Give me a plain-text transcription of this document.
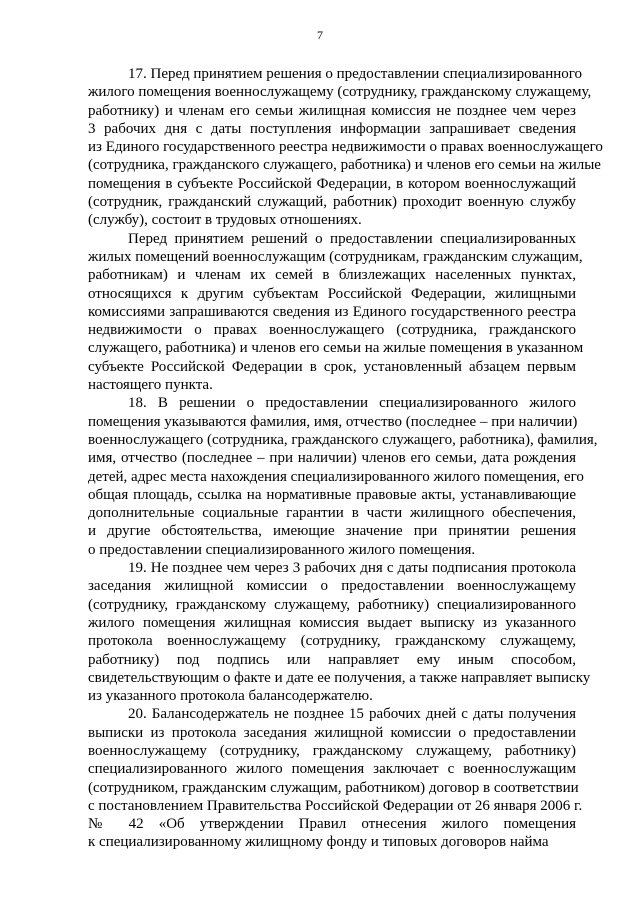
7
17. Перед принятием решения о предоставлении специализированного
жилого помещения военнослужащему (сотруднику, гражданскому служащему,
работнику) и членам его семьи жилищная комиссия не позднее чем через
3 рабочих дня с даты поступления информации запрашивает сведения
из Единого государственного реестра недвижимости о правах военнослужащего
(сотрудника, гражданского служащего, работника) и членов его семьи на жилые
помещения в субъекте Российской Федерации, в котором военнослужащий
(сотрудник, гражданский служащий, работник) проходит военную службу
(службу), состоит в трудовых отношениях.
Перед принятием решений о предоставлении специализированных
жилых помещений военнослужащим (сотрудникам, гражданским служащим,
работникам) и членам их семей в близлежащих населенных пунктах,
относящихся к другим субъектам Российской Федерации, жилищными
комиссиями запрашиваются сведения из Единого государственного реестра
недвижимости о правах военнослужащего (сотрудника, гражданского
служащего, работника) и членов его семьи на жилые помещения в указанном
субъекте Российской Федерации в срок, установленный абзацем первым
настоящего пункта.
18. В решении о предоставлении специализированного жилого
помещения указываются фамилия, имя, отчество (последнее – при наличии)
военнослужащего (сотрудника, гражданского служащего, работника), фамилия,
имя, отчество (последнее – при наличии) членов его семьи, дата рождения
детей, адрес места нахождения специализированного жилого помещения, его
общая площадь, ссылка на нормативные правовые акты, устанавливающие
дополнительные социальные гарантии в части жилищного обеспечения,
и другие обстоятельства, имеющие значение при принятии решения
о предоставлении специализированного жилого помещения.
19. Не позднее чем через 3 рабочих дня с даты подписания протокола
заседания жилищной комиссии о предоставлении военнослужащему
(сотруднику, гражданскому служащему, работнику) специализированного
жилого помещения жилищная комиссия выдает выписку из указанного
протокола военнослужащему (сотруднику, гражданскому служащему,
работнику) под подпись или направляет ему иным способом,
свидетельствующим о факте и дате ее получения, а также направляет выписку
из указанного протокола балансодержателю.
20. Балансодержатель не позднее 15 рабочих дней с даты получения
выписки из протокола заседания жилищной комиссии о предоставлении
военнослужащему (сотруднику, гражданскому служащему, работнику)
специализированного жилого помещения заключает с военнослужащим
(сотрудником, гражданским служащим, работником) договор в соответствии
с постановлением Правительства Российской Федерации от 26 января 2006 г.
№ 42 «Об утверждении Правил отнесения жилого помещения
к специализированному жилищному фонду и типовых договоров найма
